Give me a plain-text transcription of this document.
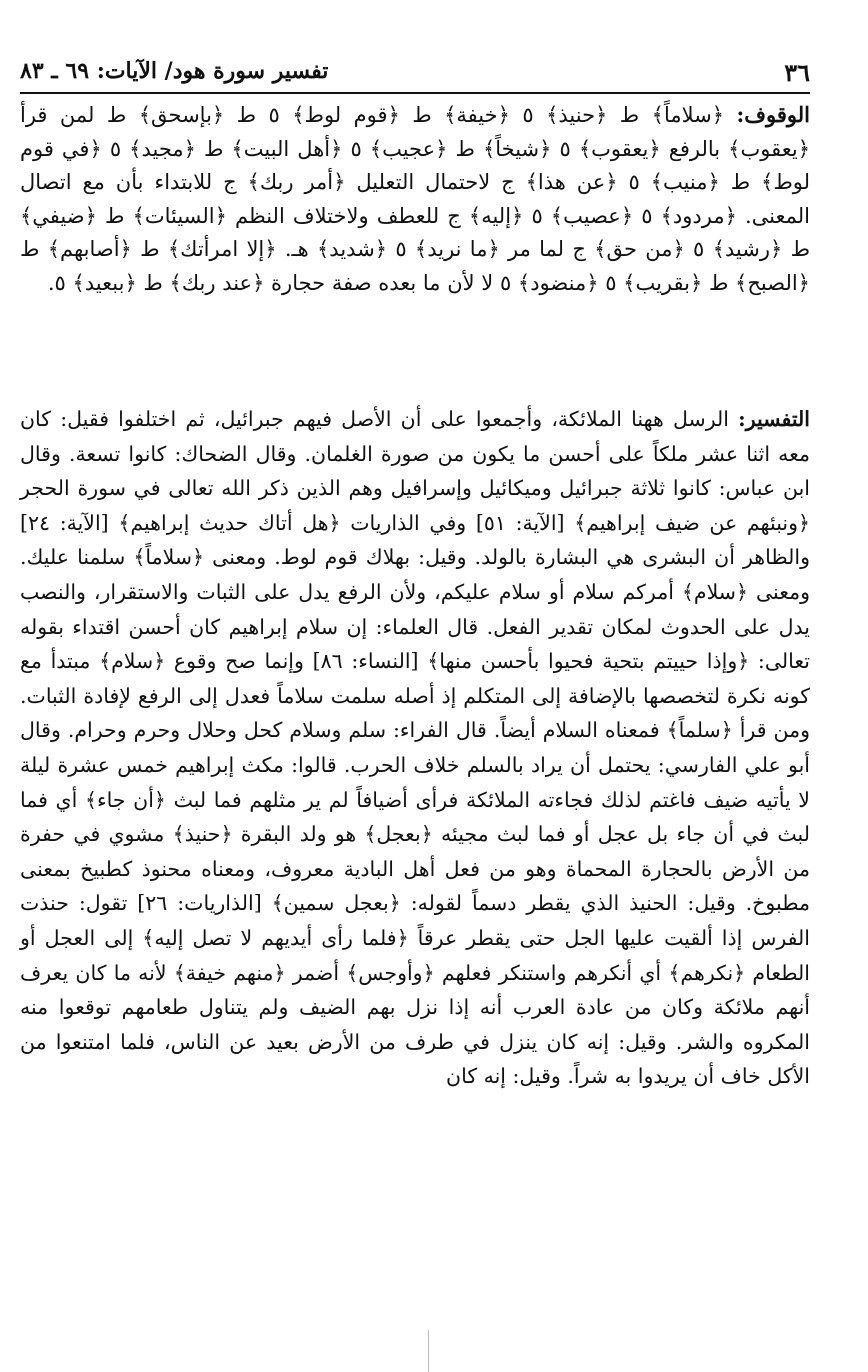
٣٦
تفسير سورة هود/ الآيات: ٦٩ ـ ٨٣
الوقوف: ﴿سلاماً﴾ ط ﴿حنيذ﴾ ٥ ﴿خيفة﴾ ط ﴿قوم لوط﴾ ٥ ط ﴿بإسحق﴾ ط لمن قرأ ﴿يعقوب﴾ بالرفع ﴿يعقوب﴾ ٥ ﴿شيخاً﴾ ط ﴿عجيب﴾ ٥ ﴿أهل البيت﴾ ط ﴿مجيد﴾ ٥ ﴿في قوم لوط﴾ ط ﴿منيب﴾ ٥ ﴿عن هذا﴾ ج لاحتمال التعليل ﴿أمر ربك﴾ ج للابتداء بأن مع اتصال المعنى. ﴿مردود﴾ ٥ ﴿عصيب﴾ ٥ ﴿إليه﴾ ج للعطف ولاختلاف النظم ﴿السيئات﴾ ط ﴿ضيفي﴾ ط ﴿رشيد﴾ ٥ ﴿من حق﴾ ج لما مر ﴿ما نريد﴾ ٥ ﴿شديد﴾ هـ. ﴿إلا امرأتك﴾ ط ﴿أصابهم﴾ ط ﴿الصبح﴾ ط ﴿بقريب﴾ ٥ ﴿منضود﴾ ٥ لا لأن ما بعده صفة حجارة ﴿عند ربك﴾ ط ﴿ببعيد﴾ ٥.
التفسير: الرسل ههنا الملائكة، وأجمعوا على أن الأصل فيهم جبرائيل، ثم اختلفوا فقيل: كان معه اثنا عشر ملكاً على أحسن ما يكون من صورة الغلمان. وقال الضحاك: كانوا تسعة. وقال ابن عباس: كانوا ثلاثة جبرائيل وميكائيل وإسرافيل وهم الذين ذكر الله تعالى في سورة الحجر ﴿ونبئهم عن ضيف إبراهيم﴾ [الآية: ٥١] وفي الذاريات ﴿هل أتاك حديث إبراهيم﴾ [الآية: ٢٤] والظاهر أن البشرى هي البشارة بالولد. وقيل: بهلاك قوم لوط. ومعنى ﴿سلاماً﴾ سلمنا عليك. ومعنى ﴿سلام﴾ أمركم سلام أو سلام عليكم، ولأن الرفع يدل على الثبات والاستقرار، والنصب يدل على الحدوث لمكان تقدير الفعل. قال العلماء: إن سلام إبراهيم كان أحسن اقتداء بقوله تعالى: ﴿وإذا حييتم بتحية فحيوا بأحسن منها﴾ [النساء: ٨٦] وإنما صح وقوع ﴿سلام﴾ مبتدأ مع كونه نكرة لتخصصها بالإضافة إلى المتكلم إذ أصله سلمت سلاماً فعدل إلى الرفع لإفادة الثبات. ومن قرأ ﴿سلماً﴾ فمعناه السلام أيضاً. قال الفراء: سلم وسلام كحل وحلال وحرم وحرام. وقال أبو علي الفارسي: يحتمل أن يراد بالسلم خلاف الحرب. قالوا: مكث إبراهيم خمس عشرة ليلة لا يأتيه ضيف فاغتم لذلك فجاءته الملائكة فرأى أضيافاً لم ير مثلهم فما لبث ﴿أن جاء﴾ أي فما لبث في أن جاء بل عجل أو فما لبث مجيئه ﴿بعجل﴾ هو ولد البقرة ﴿حنيذ﴾ مشوي في حفرة من الأرض بالحجارة المحماة وهو من فعل أهل البادية معروف، ومعناه محنوذ كطبيخ بمعنى مطبوخ. وقيل: الحنيذ الذي يقطر دسماً لقوله: ﴿بعجل سمين﴾ [الذاريات: ٢٦] تقول: حنذت الفرس إذا ألقيت عليها الجل حتى يقطر عرقاً ﴿فلما رأى أيديهم لا تصل إليه﴾ إلى العجل أو الطعام ﴿نكرهم﴾ أي أنكرهم واستنكر فعلهم ﴿وأوجس﴾ أضمر ﴿منهم خيفة﴾ لأنه ما كان يعرف أنهم ملائكة وكان من عادة العرب أنه إذا نزل بهم الضيف ولم يتناول طعامهم توقعوا منه المكروه والشر. وقيل: إنه كان ينزل في طرف من الأرض بعيد عن الناس، فلما امتنعوا من الأكل خاف أن يريدوا به شراً. وقيل: إنه كان
